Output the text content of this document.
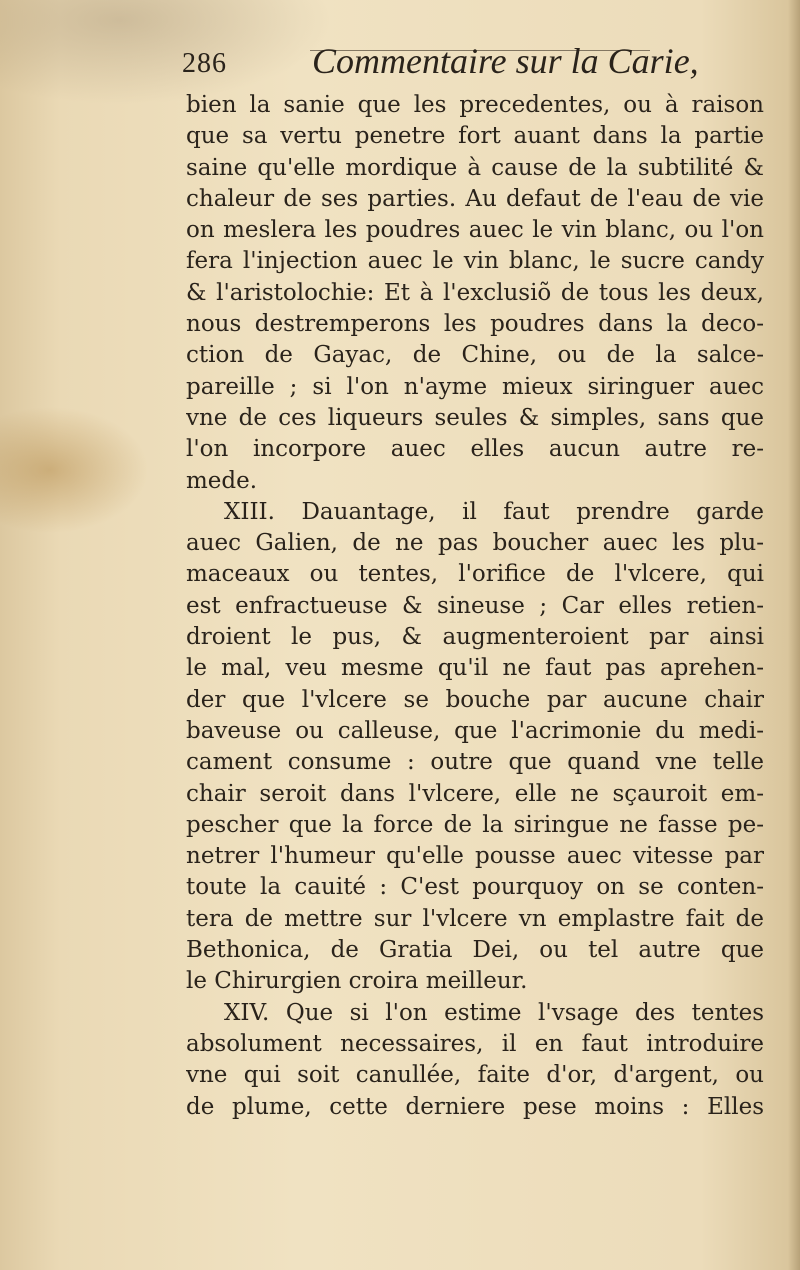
286 Commentaire sur la Carie,
bien la sanie que les precedentes, ou à raison
que sa vertu penetre fort auant dans la partie
saine qu'elle mordique à cause de la subtilité &
chaleur de ses parties. Au defaut de l'eau de vie
on meslera les poudres auec le vin blanc, ou l'on
fera l'injection auec le vin blanc, le sucre candy
& l'aristolochie: Et à l'exclusiõ de tous les deux,
nous destremperons les poudres dans la deco-
ction de Gayac, de Chine, ou de la salce-
pareille ; si l'on n'ayme mieux siringuer auec
vne de ces liqueurs seules & simples, sans que
l'on incorpore auec elles aucun autre re-
mede.
XIII. Dauantage, il faut prendre garde
auec Galien, de ne pas boucher auec les plu-
maceaux ou tentes, l'orifice de l'vlcere, qui
est enfractueuse & sineuse ; Car elles retien-
droient le pus, & augmenteroient par ainsi
le mal, veu mesme qu'il ne faut pas aprehen-
der que l'vlcere se bouche par aucune chair
baveuse ou calleuse, que l'acrimonie du medi-
cament consume : outre que quand vne telle
chair seroit dans l'vlcere, elle ne sçauroit em-
pescher que la force de la siringue ne fasse pe-
netrer l'humeur qu'elle pousse auec vitesse par
toute la cauité : C'est pourquoy on se conten-
tera de mettre sur l'vlcere vn emplastre fait de
Bethonica, de Gratia Dei, ou tel autre que
le Chirurgien croira meilleur.
XIV. Que si l'on estime l'vsage des tentes
absolument necessaires, il en faut introduire
vne qui soit canullée, faite d'or, d'argent, ou
de plume, cette derniere pese moins : Elles
